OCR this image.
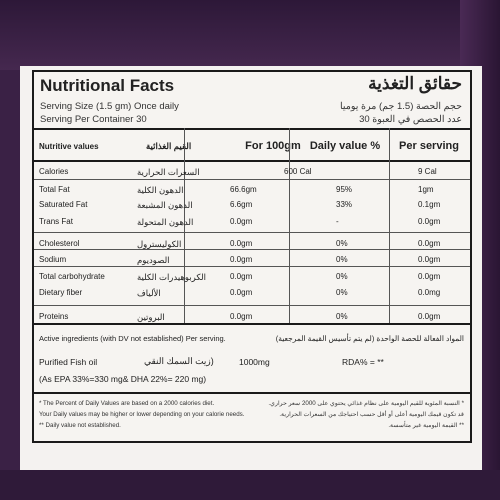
Nutritional Facts	حقائق التغذية
Serving Size (1.5 gm) Once daily
Serving Per Container 30
حجم الحصة (1.5 جم) مرة يوميا
عدد الحصص في العبوة 30
Nutritive values	القيم الغذائية	For 100gm Daily value %	Per serving
Calories	السعرات الحرارية	600 Cal	9 Cal
Total Fat	الدهون الكلية	66.6gm	95%	1gm
Saturated Fat	الدهون المشبعة	6.6gm	33%	0.1gm
Trans Fat	الدهون المتحولة	0.0gm	-	0.0gm
Cholesterol	الكوليسترول	0.0gm	0%	0.0gm
Sodium	الصوديوم	0.0gm	0%	0.0gm
Total carbohydrate	الكربوهيدرات الكلية	0.0gm	0%	0.0gm
Dietary fiber	الألياف	0.0gm	0%	0.0mg
Proteins	البروتين	0.0gm	0%	0.0gm
Active ingredients (with DV not established) Per serving.	المواد الفعالة للحصة الواحدة (لم يتم تأسيس القيمة المرجعية)
Purified Fish oil	(زيت السمك النقي	1000mg	RDA% = **
(As EPA 33%=330 mg& DHA 22%= 220 mg)
* The Percent of Daily Values are based on a 2000 calories diet.
Your Daily values may be higher or lower depending on your calorie needs.
** Daily value not established.
* النسبة المئوية للقيم اليومية على نظام غذائي يحتوي على 2000 سعر حراري.
قد تكون قيمك اليومية أعلى أو أقل حسب احتياجك من السعرات الحرارية.
** القيمة اليومية غير متأسسة.
